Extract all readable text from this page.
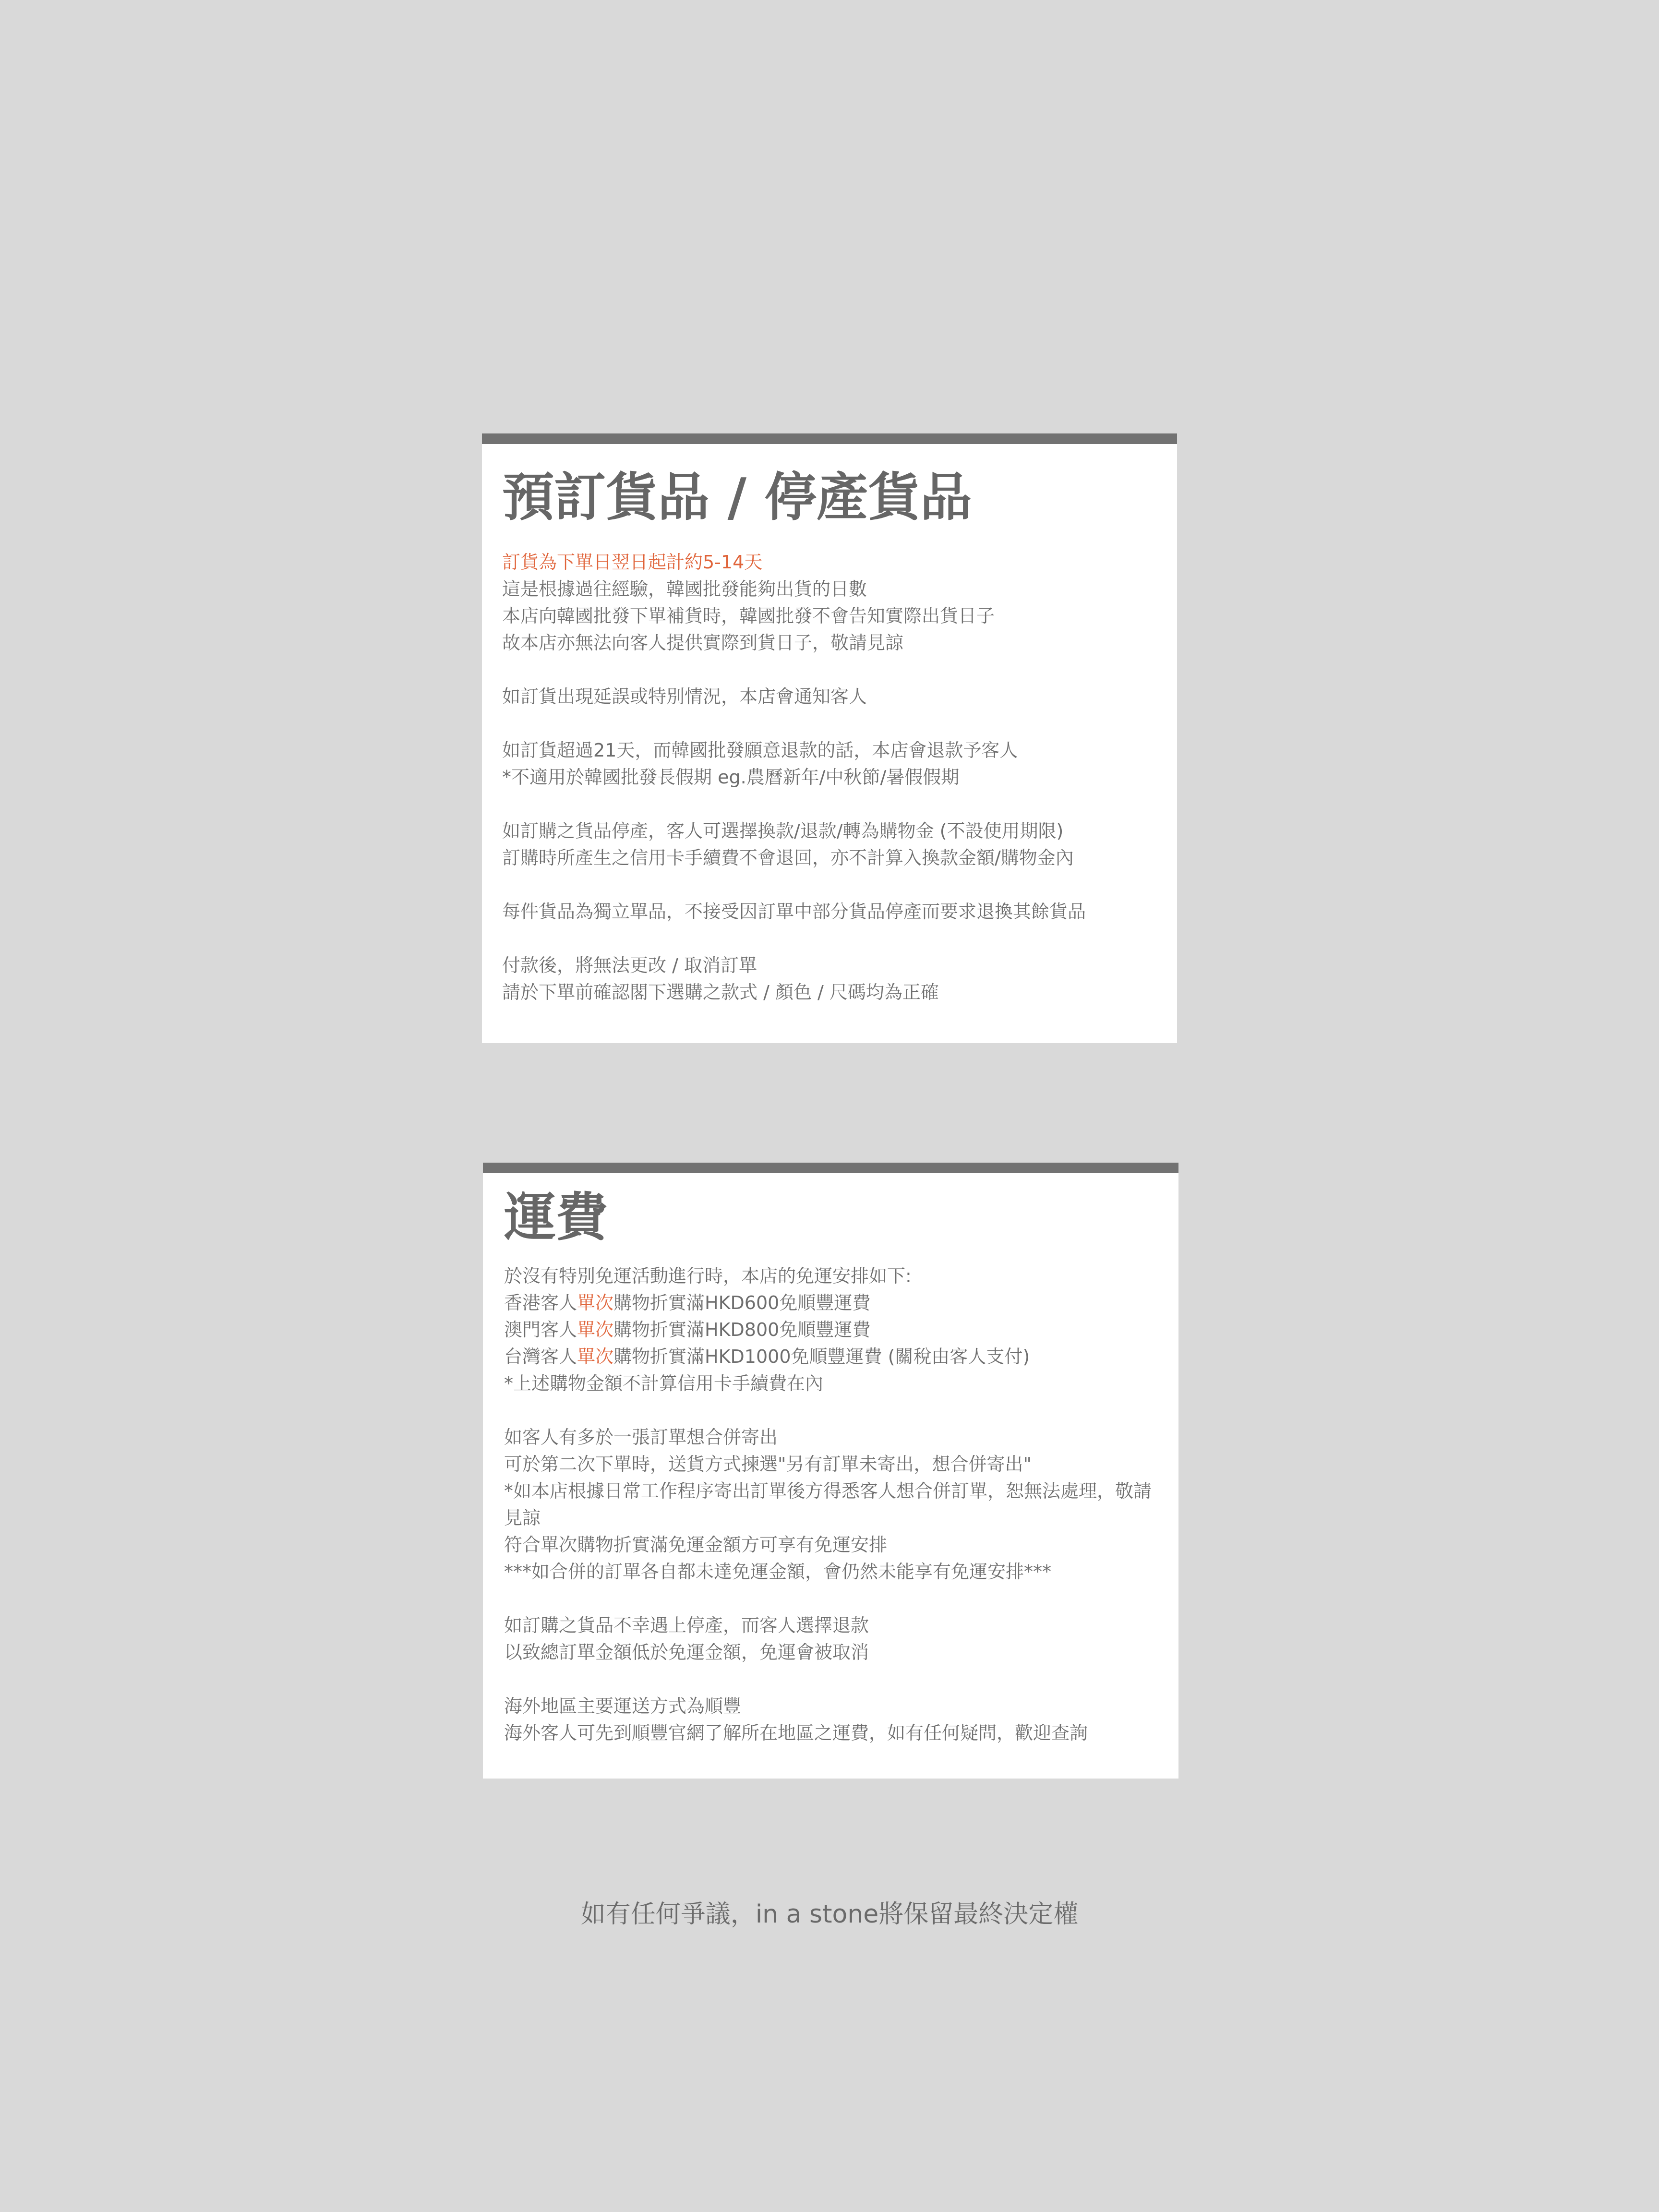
預訂貨品 / 停產貨品
訂貨為下單日翌日起計約5-14天
這是根據過往經驗，韓國批發能夠出貨的日數
本店向韓國批發下單補貨時，韓國批發不會告知實際出貨日子
故本店亦無法向客人提供實際到貨日子，敬請見諒
如訂貨出現延誤或特別情況，本店會通知客人
如訂貨超過21天，而韓國批發願意退款的話，本店會退款予客人
*不適用於韓國批發長假期 eg.農曆新年/中秋節/暑假假期
如訂購之貨品停產，客人可選擇換款/退款/轉為購物金 (不設使用期限)
訂購時所產生之信用卡手續費不會退回，亦不計算入換款金額/購物金內
每件貨品為獨立單品，不接受因訂單中部分貨品停產而要求退換其餘貨品
付款後，將無法更改 / 取消訂單
請於下單前確認閣下選購之款式 / 顏色 / 尺碼均為正確
運費
於沒有特別免運活動進行時，本店的免運安排如下:
香港客人單次購物折實滿HKD600免順豐運費
澳門客人單次購物折實滿HKD800免順豐運費
台灣客人單次購物折實滿HKD1000免順豐運費 (關稅由客人支付)
*上述購物金額不計算信用卡手續費在內
如客人有多於一張訂單想合併寄出
可於第二次下單時，送貨方式揀選"另有訂單未寄出，想合併寄出"
*如本店根據日常工作程序寄出訂單後方得悉客人想合併訂單，恕無法處理，敬請見諒
符合單次購物折實滿免運金額方可享有免運安排
***如合併的訂單各自都未達免運金額，會仍然未能享有免運安排***
如訂購之貨品不幸遇上停產，而客人選擇退款
以致總訂單金額低於免運金額，免運會被取消
海外地區主要運送方式為順豐
海外客人可先到順豐官網了解所在地區之運費，如有任何疑問，歡迎查詢
如有任何爭議，in a stone將保留最終決定權
